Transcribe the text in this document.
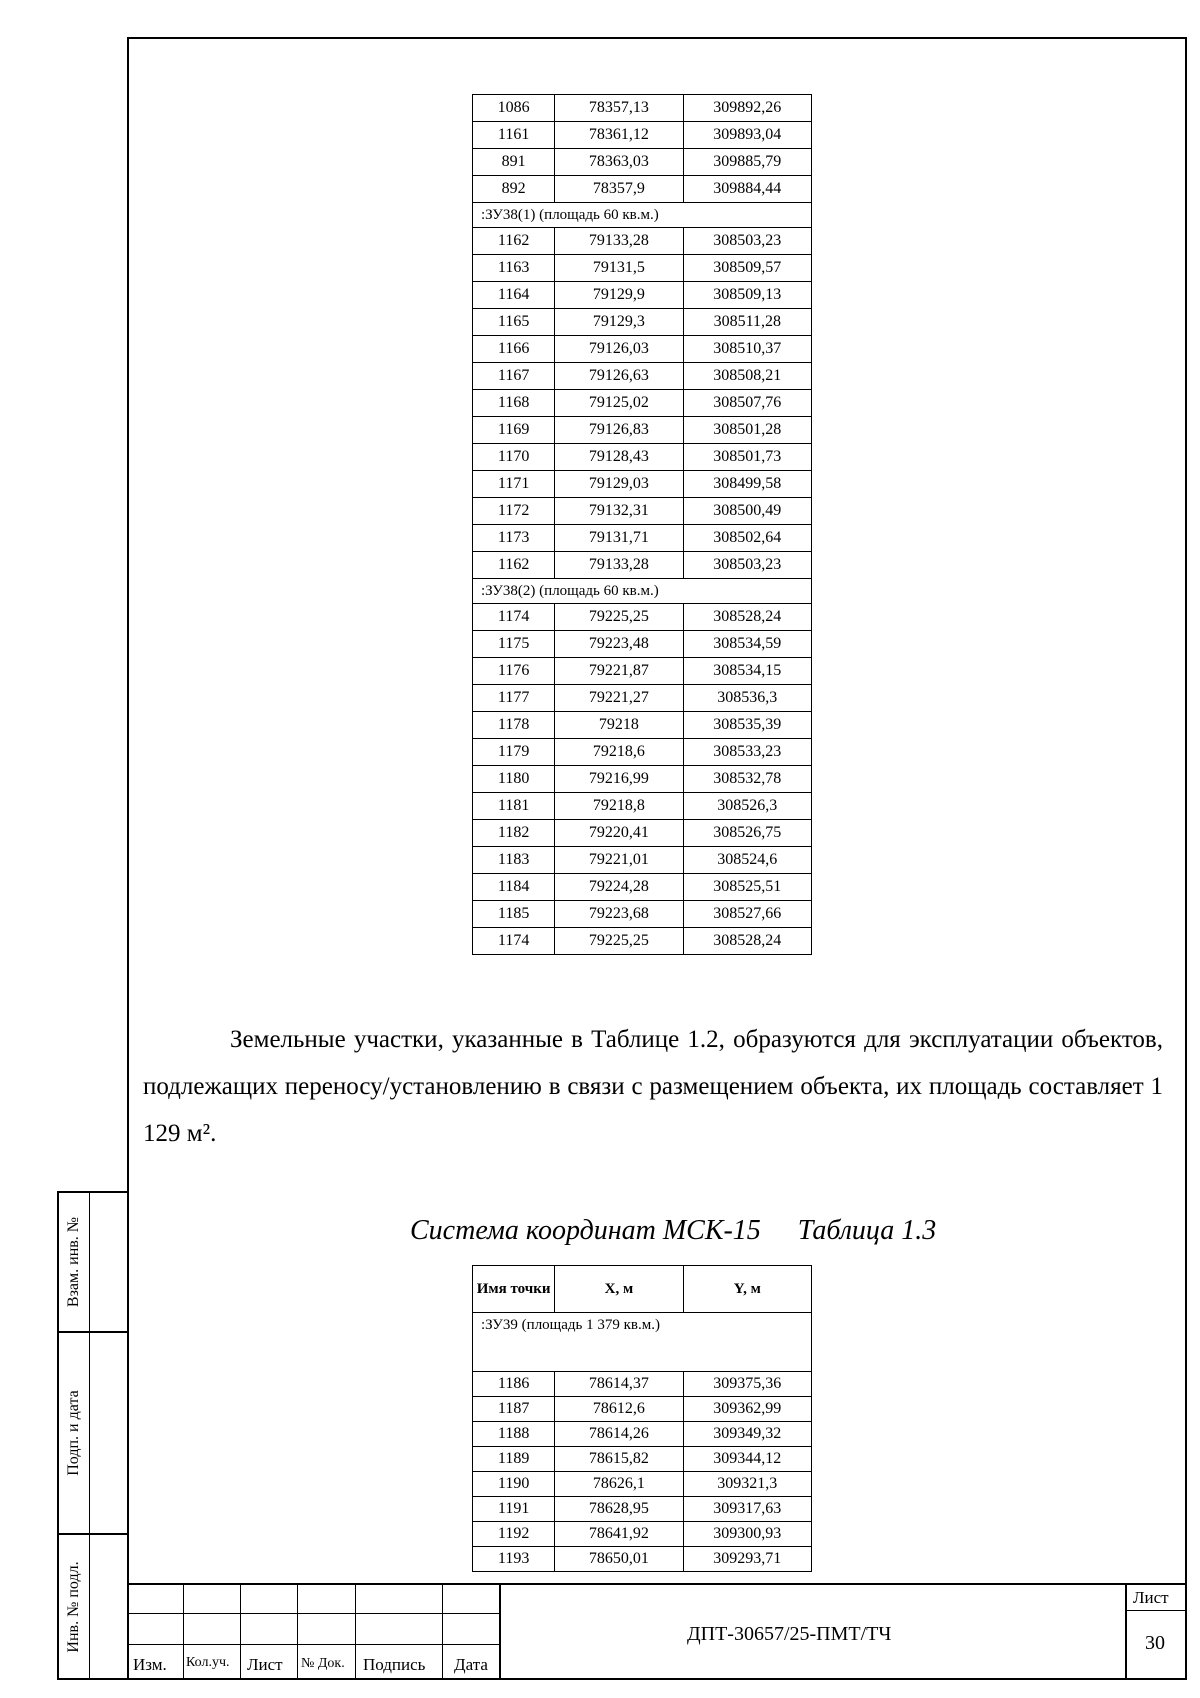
Взам. инв. №
Подп. и дата
Инв. № подл.
1086	78357,13	309892,26
1161	78361,12	309893,04
891	78363,03	309885,79
892	78357,9	309884,44
:ЗУ38(1) (площадь 60 кв.м.)		
1162	79133,28	308503,23
1163	79131,5	308509,57
1164	79129,9	308509,13
1165	79129,3	308511,28
1166	79126,03	308510,37
1167	79126,63	308508,21
1168	79125,02	308507,76
1169	79126,83	308501,28
1170	79128,43	308501,73
1171	79129,03	308499,58
1172	79132,31	308500,49
1173	79131,71	308502,64
1162	79133,28	308503,23
:ЗУ38(2) (площадь 60 кв.м.)		
1174	79225,25	308528,24
1175	79223,48	308534,59
1176	79221,87	308534,15
1177	79221,27	308536,3
1178	79218	308535,39
1179	79218,6	308533,23
1180	79216,99	308532,78
1181	79218,8	308526,3
1182	79220,41	308526,75
1183	79221,01	308524,6
1184	79224,28	308525,51
1185	79223,68	308527,66
1174	79225,25	308528,24

Земельные участки, указанные в Таблице 1.2, образуются для эксплуатации объектов, подлежащих переносу/установлению в связи с размещением объекта, их площадь составляет 1 129 м².

Система координат МСК-15 Таблица 1.3
Имя точки	X, м	Y, м
:ЗУ39 (площадь 1 379 кв.м.)		
1186	78614,37	309375,36
1187	78612,6	309362,99
1188	78614,26	309349,32
1189	78615,82	309344,12
1190	78626,1	309321,3
1191	78628,95	309317,63
1192	78641,92	309300,93
1193	78650,01	309293,71
Изм. Кол.уч. Лист № Док. Подпись Дата
ДПТ-30657/25-ПМТ/ТЧ
Лист
30
